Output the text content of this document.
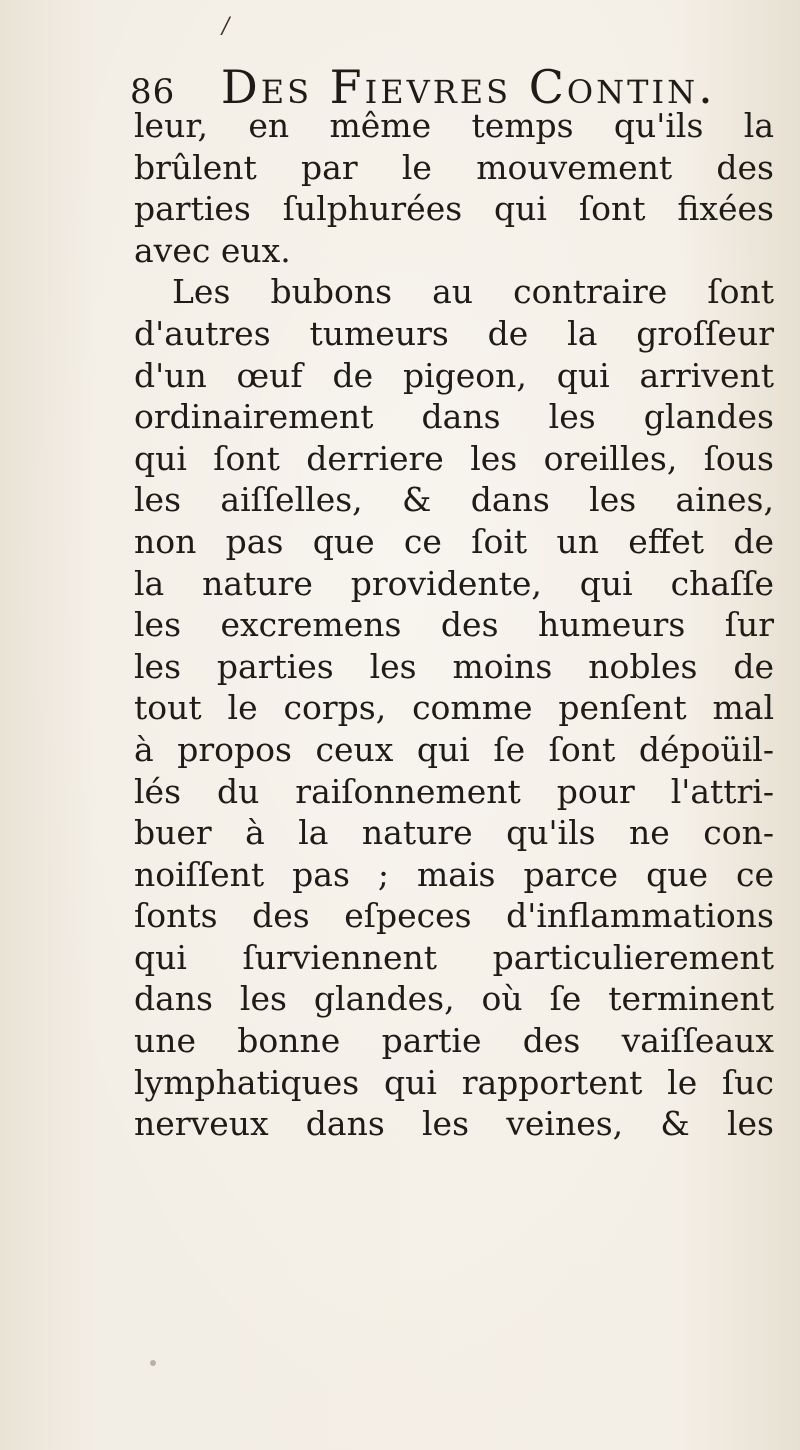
/
86 Des Fievres Contin.
leur, en même temps qu'ils la
brûlent par le mouvement des
parties ſulphurées qui ſont fixées
avec eux.
Les bubons au contraire ſont
d'autres tumeurs de la groſſeur
d'un œuf de pigeon, qui arrivent
ordinairement dans les glandes
qui ſont derriere les oreilles, ſous
les aiſſelles, & dans les aines,
non pas que ce ſoit un effet de
la nature providente, qui chaſſe
les excremens des humeurs ſur
les parties les moins nobles de
tout le corps, comme penſent mal
à propos ceux qui ſe ſont dépoüil-
lés du raiſonnement pour l'attri-
buer à la nature qu'ils ne con-
noiſſent pas ; mais parce que ce
ſonts des eſpeces d'inflammations
qui ſurviennent particulierement
dans les glandes, où ſe terminent
une bonne partie des vaiſſeaux
lymphatiques qui rapportent le ſuc
nerveux dans les veines, & les
